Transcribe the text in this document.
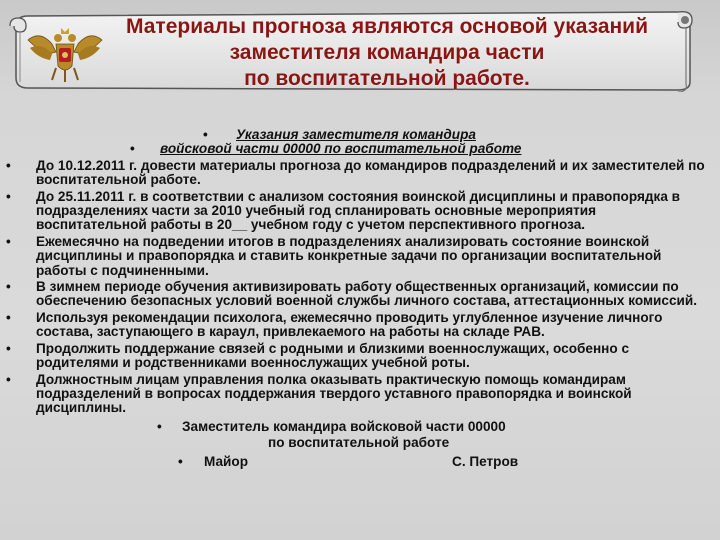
Материалы прогноза являются основой указаний
заместителя командира части
по воспитательной работе.
• Указания заместителя командира
• войсковой части 00000 по воспитательной работе
• До 10.12.2011 г. довести материалы прогноза до командиров подразделений и их заместителей по воспитательной работе.
• До 25.11.2011 г. в соответствии с анализом состояния воинской дисциплины и правопорядка в подразделениях части за 2010 учебный год спланировать основные мероприятия воспитательной работы в 20__ учебном году с учетом перспективного прогноза.
• Ежемесячно на подведении итогов в подразделениях анализировать состояние воинской дисциплины и правопорядка и ставить конкретные задачи по организации воспитательной работы с подчиненными.
• В зимнем периоде обучения активизировать работу общественных организаций, комиссии по обеспечению безопасных условий военной службы личного состава, аттестационных комиссий.
• Используя рекомендации психолога, ежемесячно проводить углубленное изучение личного состава, заступающего в караул, привлекаемого на работы на складе РАВ.
• Продолжить поддержание связей с родными и близкими военнослужащих, особенно с родителями и родственниками военнослужащих учебной роты.
• Должностным лицам управления полка оказывать практическую помощь командирам подразделений в вопросах поддержания твердого уставного правопорядка и воинской дисциплины.
• Заместитель командира войсковой части 00000
по воспитательной работе
• Майор	С. Петров
